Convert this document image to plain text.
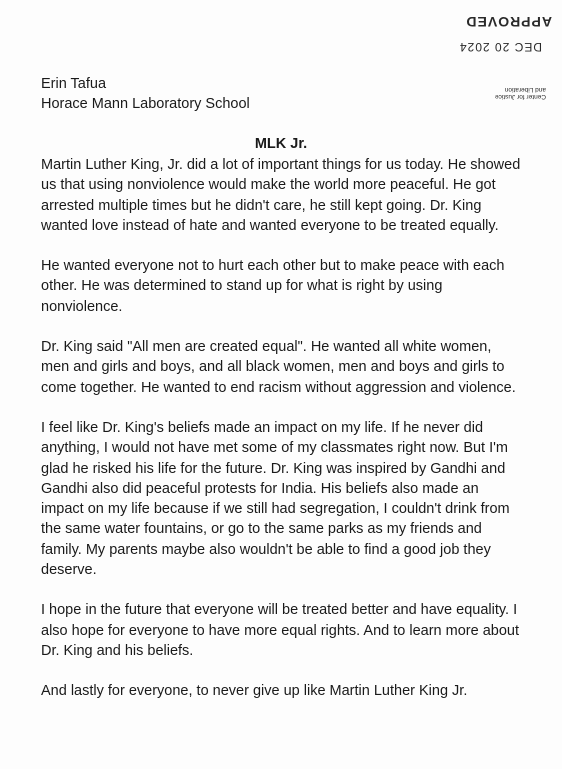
Center for Justice
and Liberation
DEC 20 2024
APPROVED
Erin Tafua
Horace Mann Laboratory School
MLK Jr.

Martin Luther King, Jr. did a lot of important things for us today. He showed us that using nonviolence would make the world more peaceful. He got arrested multiple times but he didn't care, he still kept going. Dr. King wanted love instead of hate and wanted everyone to be treated equally.

He wanted everyone not to hurt each other but to make peace with each other. He was determined to stand up for what is right by using nonviolence.

Dr. King said "All men are created equal". He wanted all white women, men and girls and boys, and all black women, men and boys and girls to come together. He wanted to end racism without aggression and violence.

I feel like Dr. King's beliefs made an impact on my life. If he never did anything, I would not have met some of my classmates right now. But I'm glad he risked his life for the future. Dr. King was inspired by Gandhi and Gandhi also did peaceful protests for India. His beliefs also made an impact on my life because if we still had segregation, I couldn't drink from the same water fountains, or go to the same parks as my friends and family. My parents maybe also wouldn't be able to find a good job they deserve.

I hope in the future that everyone will be treated better and have equality. I also hope for everyone to have more equal rights. And to learn more about Dr. King and his beliefs.

And lastly for everyone, to never give up like Martin Luther King Jr.
